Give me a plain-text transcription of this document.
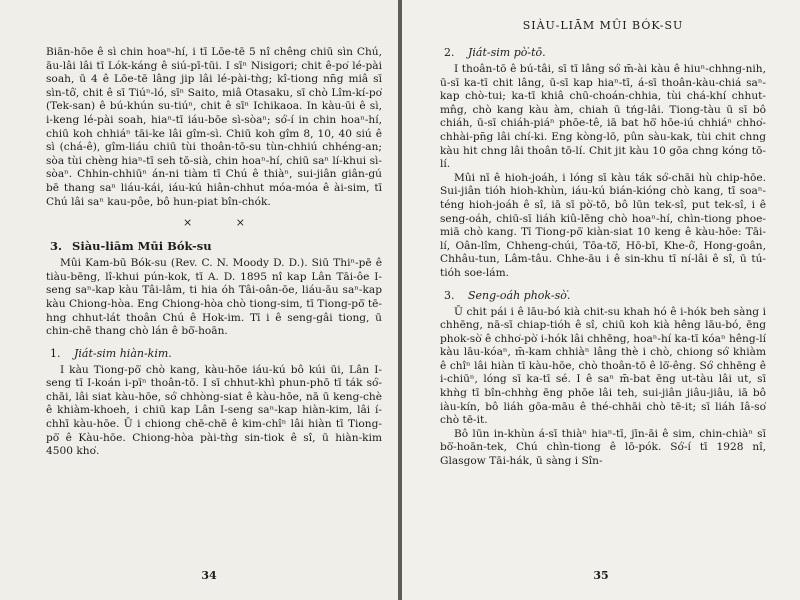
Biān-hōe ê sì chin hoaⁿ-hí, i tī Lōe-tē 5 nî chêng chiū sìn Chú, āu-lâi lâi tī Lók-káng ê siú-pī-tūi. I sīⁿ Nisigori; chit ê-po͘ lé-pài soah, ū 4 ê Lōe-tē lâng jip lâi lé-pài-tǹg; kî-tiong nn̄g miâ sī sìn-tô͘, chit ê sī Tiúⁿ-ló, sīⁿ Saito, miâ Otasaku, sī chò Lîm-kí-po͘ (Tek-san) ê bú-khún su-tiúⁿ, chit ê sīⁿ Ichikaoa. In kàu-ūi ê sì, i-keng lé-pài soah, hiaⁿ-tī iáu-bōe sì-sòaⁿ; só͘-í in chin hoaⁿ-hí, chiū koh chhiáⁿ tāi-ke lâi gîm-sì. Chiū koh gîm 8, 10, 40 siú ê sì (chá-ê), gîm-liáu chiū tùi thoân-tō-su tùn-chhiú chhéng-an; sòa tùi chèng hiaⁿ-tī seh tō-sià, chin hoaⁿ-hí, chiū saⁿ lí-khui sì-sòaⁿ. Chhin-chhiūⁿ án-ni tiàm tī Chú ê thiàⁿ, sui-jiân giân-gú bē thang saⁿ liáu-kái, iáu-kú hiân-chhut móa-móa ê ài-sim, tī Chú lâi saⁿ kau-pôe, bô hun-piat bîn-chók.

× ×
3. Siàu-liām Mūi Bók-su

Mûi Kam-bū Bók-su (Rev. C. N. Moody D. D.). Siū Thiⁿ-pē ê tiàu-bēng, lî-khui pún-kok, tī A. D. 1895 nî kap Lân Tāi-ôe I-seng saⁿ-kap kàu Tâi-lâm, ti hia óh Tâi-oân-ōe, liáu-āu saⁿ-kap kàu Chiong-hòa. Eng Chiong-hòa chò tiong-sim, tī Tiong-pō͘ tē-hng chhut-lát thoân Chú ê Hok-im. Tī i ê seng-gâi tiong, ū chin-chē thang chò lán ê bō͘-hoān.

1. Jiát-sim hiàn-kim.

I kàu Tiong-pō͘ chò kang, kàu-hōe iáu-kú bô kúi ūi, Lân I-seng tī I-koán i-pīⁿ thoân-tō. I sī chhut-khì phun-phō tī ták só͘-chāi, lâi siat kàu-hōe, só͘ chhòng-siat ê kàu-hōe, nā ū keng-chè ê khiàm-khoeh, i chiū kap Lân I-seng saⁿ-kap hiàn-kim, lâi í-chhī kàu-hōe. Ū i chiong chē-chē ê kim-chîⁿ lâi hiàn tī Tiong-pō͘ ê Kàu-hōe. Chiong-hòa pài-tǹg sin-tiok ê sî, ū hiàn-kim 4500 kho͘.

34
SIÀU-LIĀM MÛI BÓK-SU
2. Jiát-sim pò͘-tō.

I thoân-tō ê bú-tâi, sī tī lâng só͘ m̄-ài kàu ê hiuⁿ-chhng-nih, ū-sī ka-tī chit lâng, ū-sī kap hiaⁿ-tī, á-sī thoân-kàu-chiá saⁿ-kap chò-tui; ka-tī khiâ chū-choán-chhia, tùi chá-khí chhut-mn̂g, chò kang kàu àm, chiah ū tńg-lâi. Tiong-tàu ū sī bô chiáh, ū-sī chiáh-piáⁿ phōe-tê, iā bat hō͘ hōe-iú chhiáⁿ chho͘-chhài-pn̄g lâi chí-ki. Eng kòng-lō, pûn sàu-kak, tùi chit chng kàu hit chng lâi thoân tō-lí. Chit jit kàu 10 gōa chng kóng tō-lí.

Mûi nī ê hioh-joáh, i lóng sī kàu ták só͘-chāi hù chip-hōe. Sui-jiân tióh hioh-khùn, iáu-kú bián-kióng chò kang, tī soaⁿ-téng hioh-joáh ê sî, iā sī pò͘-tō, bô lūn tek-sî, put tek-sî, i ê seng-oáh, chiū-sī liáh kiû-lēng chò hoaⁿ-hí, chìn-tiong phoe-miā chò kang. Tī Tiong-pō͘ kiàn-siat 10 keng ê kàu-hōe: Tāi-lí, Oân-lîm, Chheng-chúi, Tōa-tō͘, Hō-bī, Khe-ô͘, Hong-goân, Chhâu-tun, Lâm-tâu. Chhe-āu i ê sin-khu tī ní-lâi ê sî, ū tú-tióh soe-lám.

3. Seng-oáh phok-sò͘.

Ū chit pái i ê lāu-bó kià chit-su khah hó ê i-hók beh sàng i chhēng, nā-sī chiap-tióh ê sî, chiū koh kià hêng lāu-bó, ēng phok-sò͘ ê chho͘-pò͘ i-hók lâi chhēng, hoaⁿ-hí ka-tī kóaⁿ hêng-lí kàu lāu-kóaⁿ, m̄-kam chhiàⁿ lâng thè i chò, chiong só͘ khiàm ê chîⁿ lâi hiàn tī kàu-hōe, chò thoân-tō ê lō͘-êng. Só͘ chhēng ê i-chiūⁿ, lóng sī ka-tī sé. I ê saⁿ m̄-bat ēng ut-tàu lâi ut, sī khǹg tī bîn-chhǹg ēng phōe lâi teh, sui-jiân jiâu-jiâu, iā bô iàu-kín, bô liáh gōa-māu ê thé-chhāi chò tē-it; sī liáh Iâ-so͘ chò tē-it.

Bô lūn in-khùn á-sī thiàⁿ hiaⁿ-tī, jīn-āi ê sim, chin-chiàⁿ sī bō͘-hoān-tek, Chú chìn-tiong ê lō-pók. Só͘-í tī 1928 nî, Glasgow Tāi-hák, ū sàng i Sîn-

35
